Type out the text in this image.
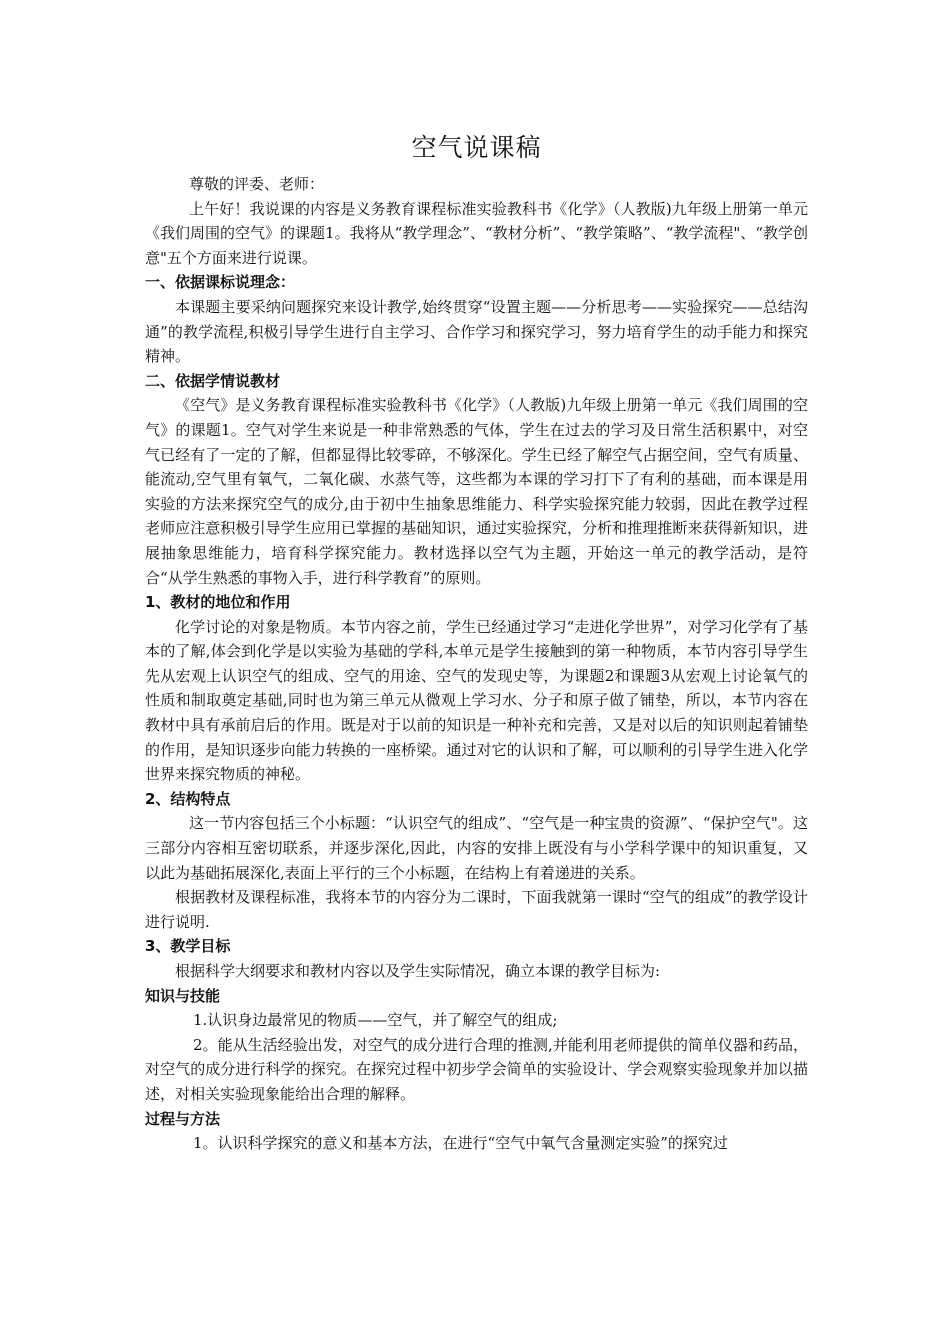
空气说课稿

尊敬的评委、老师：

上午好！我说课的内容是义务教育课程标准实验教科书《化学》（人教版)九年级上册第一单元《我们周围的空气》的课题1。我将从“教学理念”、“教材分析”、“教学策略”、“教学流程"、“教学创意"五个方面来进行说课。

一、依据课标说理念：

本课题主要采纳问题探究来设计教学,始终贯穿“设置主题——分析思考——实验探究——总结沟通”的教学流程,积极引导学生进行自主学习、合作学习和探究学习，努力培育学生的动手能力和探究精神。

二、依据学情说教材

《空气》是义务教育课程标准实验教科书《化学》（人教版)九年级上册第一单元《我们周围的空气》的课题1。空气对学生来说是一种非常熟悉的气体，学生在过去的学习及日常生活积累中，对空气已经有了一定的了解，但都显得比较零碎，不够深化。学生已经了解空气占据空间，空气有质量、能流动,空气里有氧气，二氧化碳、水蒸气等，这些都为本课的学习打下了有利的基础，而本课是用实验的方法来探究空气的成分,由于初中生抽象思维能力、科学实验探究能力较弱，因此在教学过程老师应注意积极引导学生应用已掌握的基础知识，通过实验探究，分析和推理推断来获得新知识，进展抽象思维能力，培育科学探究能力。教材选择以空气为主题，开始这一单元的教学活动，是符合“从学生熟悉的事物入手，进行科学教育”的原则。

1、教材的地位和作用

化学讨论的对象是物质。本节内容之前，学生已经通过学习“走进化学世界”，对学习化学有了基本的了解,体会到化学是以实验为基础的学科,本单元是学生接触到的第一种物质，本节内容引导学生先从宏观上认识空气的组成、空气的用途、空气的发现史等，为课题2和课题3从宏观上讨论氧气的性质和制取奠定基础,同时也为第三单元从微观上学习水、分子和原子做了铺垫，所以，本节内容在教材中具有承前启后的作用。既是对于以前的知识是一种补充和完善，又是对以后的知识则起着铺垫的作用，是知识逐步向能力转换的一座桥梁。通过对它的认识和了解，可以顺利的引导学生进入化学世界来探究物质的神秘。

2、结构特点

这一节内容包括三个小标题：“认识空气的组成”、“空气是一种宝贵的资源”、“保护空气"。这三部分内容相互密切联系，并逐步深化,因此，内容的安排上既没有与小学科学课中的知识重复，又以此为基础拓展深化,表面上平行的三个小标题，在结构上有着递进的关系。

根据教材及课程标准，我将本节的内容分为二课时，下面我就第一课时“空气的组成”的教学设计进行说明.

3、教学目标

根据科学大纲要求和教材内容以及学生实际情况，确立本课的教学目标为:

知识与技能

1.认识身边最常见的物质——空气，并了解空气的组成;

2。能从生活经验出发，对空气的成分进行合理的推测,并能利用老师提供的简单仪器和药品，对空气的成分进行科学的探究。在探究过程中初步学会简单的实验设计、学会观察实验现象并加以描述，对相关实验现象能给出合理的解释。

过程与方法

1。认识科学探究的意义和基本方法，在进行“空气中氧气含量测定实验”的探究过
